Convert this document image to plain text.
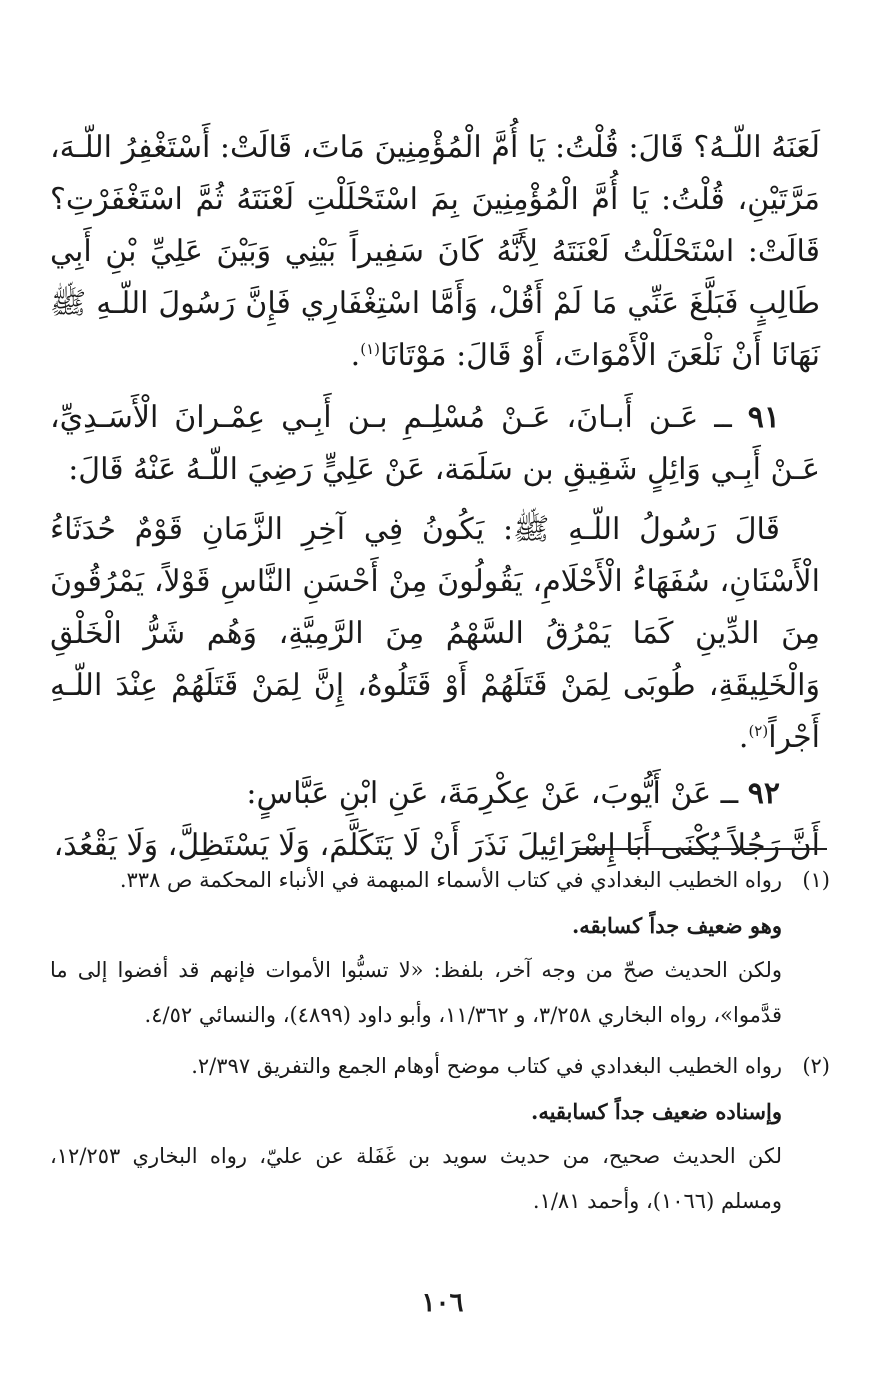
لَعَنَهُ اللّـهُ؟ قَالَ: قُلْتُ: يَا أُمَّ الْمُؤْمِنِينَ مَاتَ، قَالَتْ: أَسْتَغْفِرُ اللّـهَ، مَرَّتَيْنِ، قُلْتُ: يَا أُمَّ الْمُؤْمِنِينَ بِمَ اسْتَحْلَلْتِ لَعْنَتَهُ ثُمَّ اسْتَغْفَرْتِ؟ قَالَتْ: اسْتَحْلَلْتُ لَعْنَتَهُ لِأَنَّهُ كَانَ سَفِيراً بَيْنِي وَبَيْنَ عَلِيِّ بْنِ أَبِي طَالِبٍ فَبَلَّغَ عَنِّي مَا لَمْ أَقُلْ، وَأَمَّا اسْتِغْفَارِي فَإِنَّ رَسُولَ اللّـهِ ﷺ نَهَانَا أَنْ نَلْعَنَ الْأَمْوَاتَ، أَوْ قَالَ: مَوْتَانَا$^{(١)}$.

٩١ ــ عَـن أَبـانَ، عَـنْ مُسْلِـمِ بـن أَبِـي عِمْـرانَ الْأَسَـدِيِّ، عَـنْ أَبِـي وَائِلٍ شَقِيقِ بن سَلَمَة، عَنْ عَلِيٍّ رَضِيَ اللّـهُ عَنْهُ قَالَ:

قَالَ رَسُولُ اللّـهِ ﷺ: يَكُونُ فِي آخِرِ الزَّمَانِ قَوْمٌ حُدَثَاءُ الْأَسْنَانِ، سُفَهَاءُ الْأَحْلَامِ، يَقُولُونَ مِنْ أَحْسَنِ النَّاسِ قَوْلاً، يَمْرُقُونَ مِنَ الدِّينِ كَمَا يَمْرُقُ السَّهْمُ مِنَ الرَّمِيَّةِ، وَهُم شَرُّ الْخَلْقِ وَالْخَلِيقَةِ، طُوبَى لِمَنْ قَتَلَهُمْ أَوْ قَتَلُوهُ، إِنَّ لِمَنْ قَتَلَهُمْ عِنْدَ اللّـهِ أَجْراً$^{(٢)}$.

٩٢ ــ عَنْ أَيُّوبَ، عَنْ عِكْرِمَةَ، عَنِ ابْنِ عَبَّاسٍ:

أَنَّ رَجُلاً يُكْنَى أَبَا إِسْرَائِيلَ نَذَرَ أَنْ لَا يَتَكَلَّمَ، وَلَا يَسْتَظِلَّ، وَلَا يَقْعُدَ،

(١)رواه الخطيب البغدادي في كتاب الأسماء المبهمة في الأنباء المحكمة ص ٣٣٨.

وهو ضعيف جداً كسابقه.

ولكن الحديث صحّ من وجه آخر، بلفظ: «لا تسبُّوا الأموات فإنهم قد أفضوا إلى ما قدَّموا»، رواه البخاري ٣/٢٥٨، و ١١/٣٦٢، وأبو داود (٤٨٩٩)، والنسائي ٤/٥٢.

(٢)رواه الخطيب البغدادي في كتاب موضح أوهام الجمع والتفريق ٢/٣٩٧.

وإسناده ضعيف جداً كسابقيه.

لكن الحديث صحيح، من حديث سويد بن غَفَلة عن عليّ، رواه البخاري ١٢/٢٥٣، ومسلم (١٠٦٦)، وأحمد ١/٨١.

١٠٦
